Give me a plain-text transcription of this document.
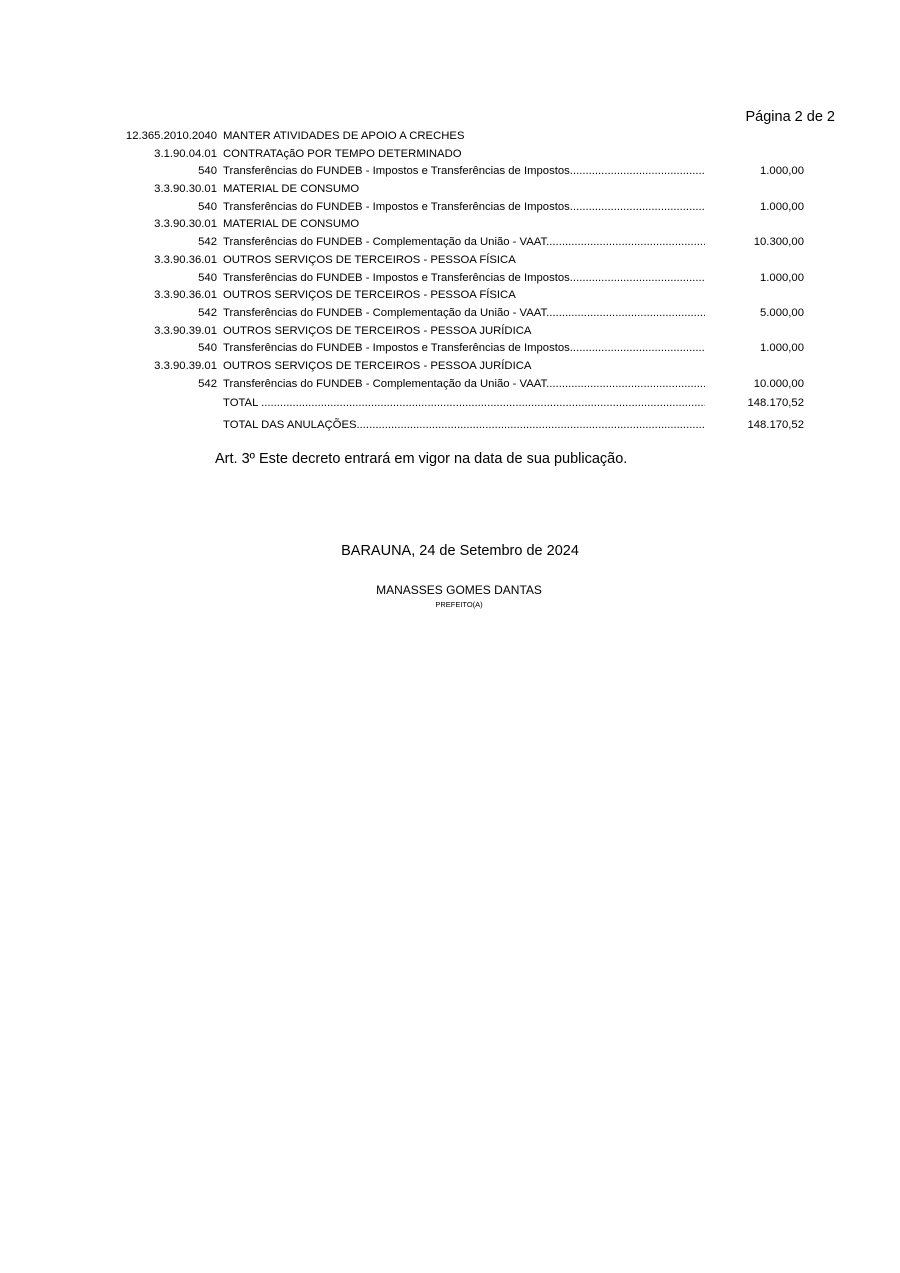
Página 2 de 2
12.365.2010.2040 MANTER ATIVIDADES DE APOIO A CRECHES
3.1.90.04.01 CONTRATAçãO POR TEMPO DETERMINADO
540 Transferências do FUNDEB - Impostos e Transferências de Impostos .....	1.000,00
3.3.90.30.01 MATERIAL DE CONSUMO
540 Transferências do FUNDEB - Impostos e Transferências de Impostos .....	1.000,00
3.3.90.30.01 MATERIAL DE CONSUMO
542 Transferências do FUNDEB - Complementação da União - VAAT .....	10.300,00
3.3.90.36.01 OUTROS SERVIÇOS DE TERCEIROS - PESSOA FÍSICA
540 Transferências do FUNDEB - Impostos e Transferências de Impostos .....	1.000,00
3.3.90.36.01 OUTROS SERVIÇOS DE TERCEIROS - PESSOA FÍSICA
542 Transferências do FUNDEB - Complementação da União - VAAT .....	5.000,00
3.3.90.39.01 OUTROS SERVIÇOS DE TERCEIROS - PESSOA JURÍDICA
540 Transferências do FUNDEB - Impostos e Transferências de Impostos .....	1.000,00
3.3.90.39.01 OUTROS SERVIÇOS DE TERCEIROS - PESSOA JURÍDICA
542 Transferências do FUNDEB - Complementação da União - VAAT .....	10.000,00
TOTAL .....	148.170,52
TOTAL DAS ANULAÇÕES .....	148.170,52
Art. 3º Este decreto entrará em vigor na data de sua publicação.
BARAUNA, 24 de Setembro de 2024
MANASSES GOMES DANTAS
PREFEITO(A)
